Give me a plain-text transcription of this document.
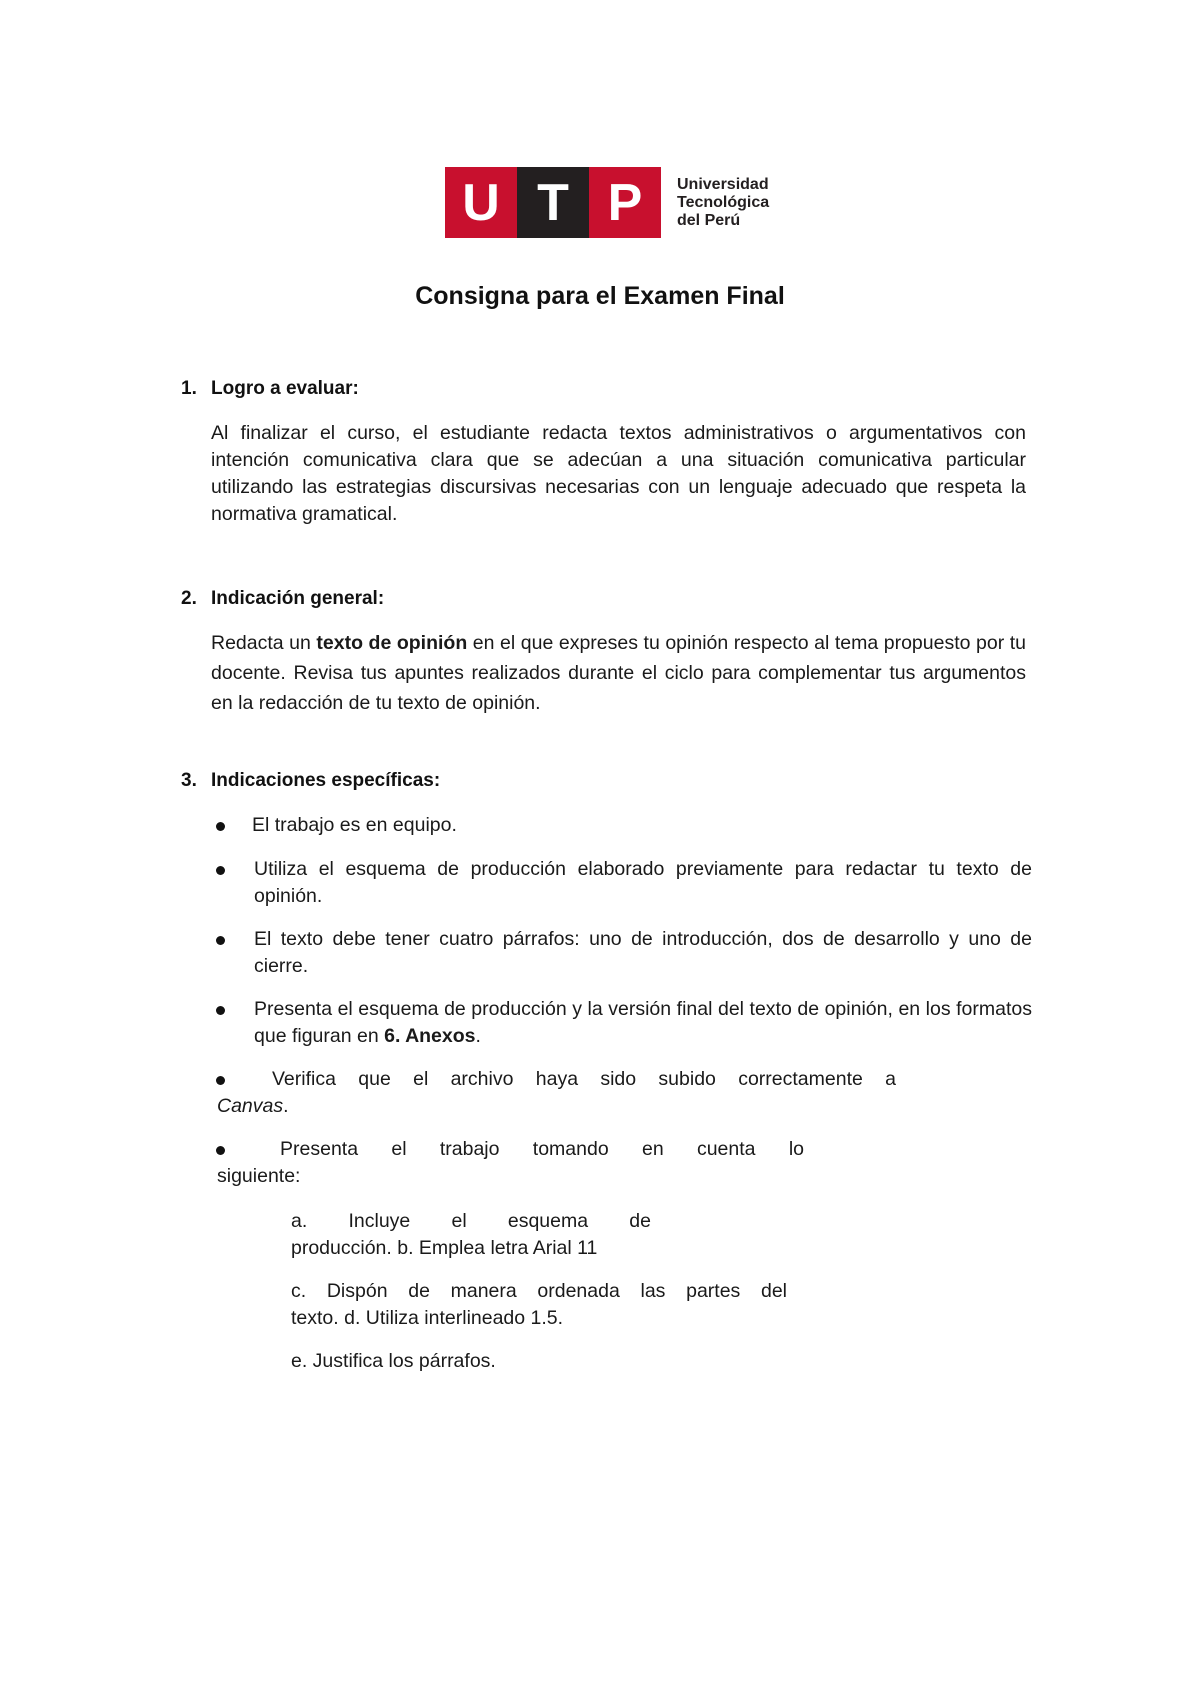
U T P	Universidad
Tecnológica
del Perú
Consigna para el Examen Final
1. Logro a evaluar:
Al finalizar el curso, el estudiante redacta textos administrativos o argumentativos con intención comunicativa clara que se adecúan a una situación comunicativa particular utilizando las estrategias discursivas necesarias con un lenguaje adecuado que respeta la normativa gramatical.
2. Indicación general:
Redacta un texto de opinión en el que expreses tu opinión respecto al tema propuesto por tu docente. Revisa tus apuntes realizados durante el ciclo para complementar tus argumentos en la redacción de tu texto de opinión.
3. Indicaciones específicas:
El trabajo es en equipo.
Utiliza el esquema de producción elaborado previamente para redactar tu texto de opinión.
El texto debe tener cuatro párrafos: uno de introducción, dos de desarrollo y uno de cierre.
Presenta el esquema de producción y la versión final del texto de opinión, en los formatos que figuran en 6. Anexos.
Verifica que el archivo haya sido subido correctamente a
Canvas.
Presenta el trabajo tomando en cuenta lo
siguiente:
a. Incluye el esquema de
producción. b. Emplea letra Arial 11
c. Dispón de manera ordenada las partes del
texto. d. Utiliza interlineado 1.5.
e. Justifica los párrafos.
